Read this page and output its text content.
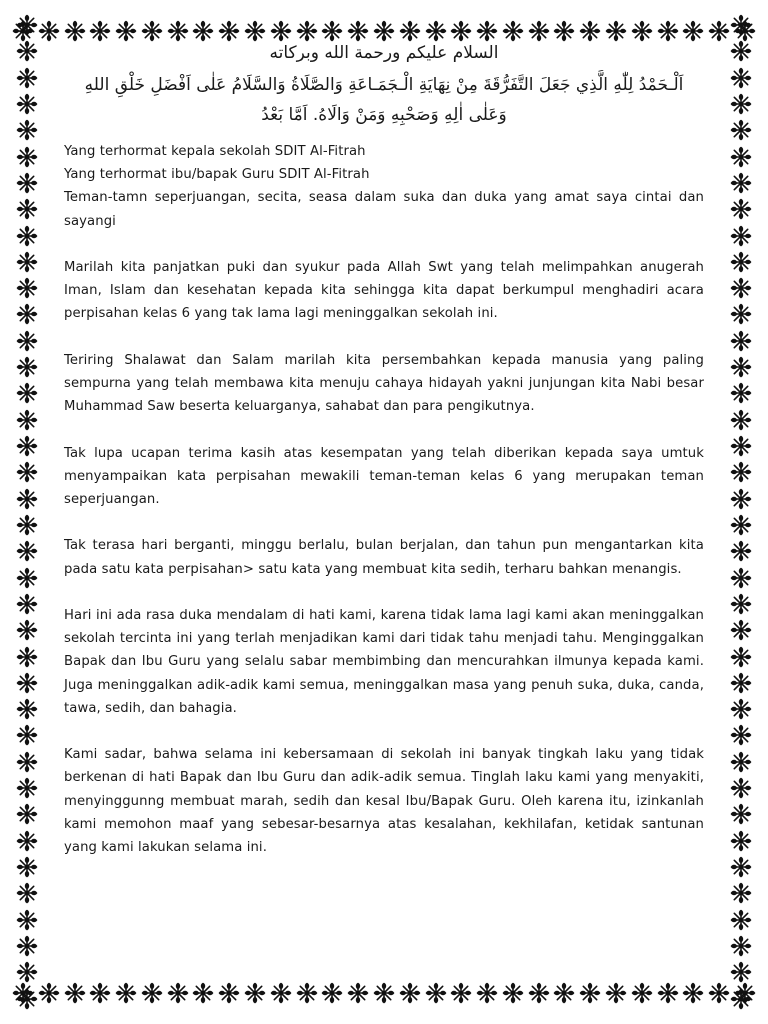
السلام عليكم ورحمة الله وبركاته

اَلْـحَمْدُ لِلّٰهِ الَّذِي جَعَلَ التَّفَرُّقَةَ مِنْ نِهَايَةِ الْـجَمَـاعَةِ وَالصَّلَاةُ وَالسَّلَامُ عَلٰى اَفْضَلِ خَلْقِ اللهِ
وَعَلٰى اٰلِهِ وَصَحْبِهِ وَمَنْ وَالَاهُ. اَمَّا بَعْدُ

Yang terhormat kepala sekolah SDIT Al-Fitrah

Yang terhormat ibu/bapak Guru SDIT Al-Fitrah

Teman-tamn seperjuangan, secita, seasa dalam suka dan duka yang amat saya cintai dan sayangi

Marilah kita panjatkan puki dan syukur pada Allah Swt yang telah melimpahkan anugerah Iman, Islam dan kesehatan kepada kita sehingga kita dapat berkumpul menghadiri acara perpisahan kelas 6 yang tak lama lagi meninggalkan sekolah ini.

Teriring Shalawat dan Salam marilah kita persembahkan kepada manusia yang paling sempurna yang telah membawa kita menuju cahaya hidayah yakni junjungan kita Nabi besar Muhammad Saw beserta keluarganya, sahabat dan para pengikutnya.

Tak lupa ucapan terima kasih atas kesempatan yang telah diberikan kepada saya umtuk menyampaikan kata perpisahan mewakili teman-teman kelas 6 yang merupakan teman seperjuangan.

Tak terasa hari berganti, minggu berlalu, bulan berjalan, dan tahun pun mengantarkan kita pada satu kata perpisahan> satu kata yang membuat kita sedih, terharu bahkan menangis.

Hari ini ada rasa duka mendalam di hati kami, karena tidak lama lagi kami akan meninggalkan sekolah tercinta ini yang terlah menjadikan kami dari tidak tahu menjadi tahu. Menginggalkan Bapak dan Ibu Guru yang selalu sabar membimbing dan mencurahkan ilmunya kepada kami. Juga meninggalkan adik-adik kami semua, meninggalkan masa yang penuh suka, duka, canda, tawa, sedih, dan bahagia.

Kami sadar, bahwa selama ini kebersamaan di sekolah ini banyak tingkah laku yang tidak berkenan di hati Bapak dan Ibu Guru dan adik-adik semua. Tinglah laku kami yang menyakiti, menyinggunng membuat marah, sedih dan kesal Ibu/Bapak Guru. Oleh karena itu, izinkanlah kami memohon maaf yang sebesar-besarnya atas kesalahan, kekhilafan, ketidak santunan yang kami lakukan selama ini.
